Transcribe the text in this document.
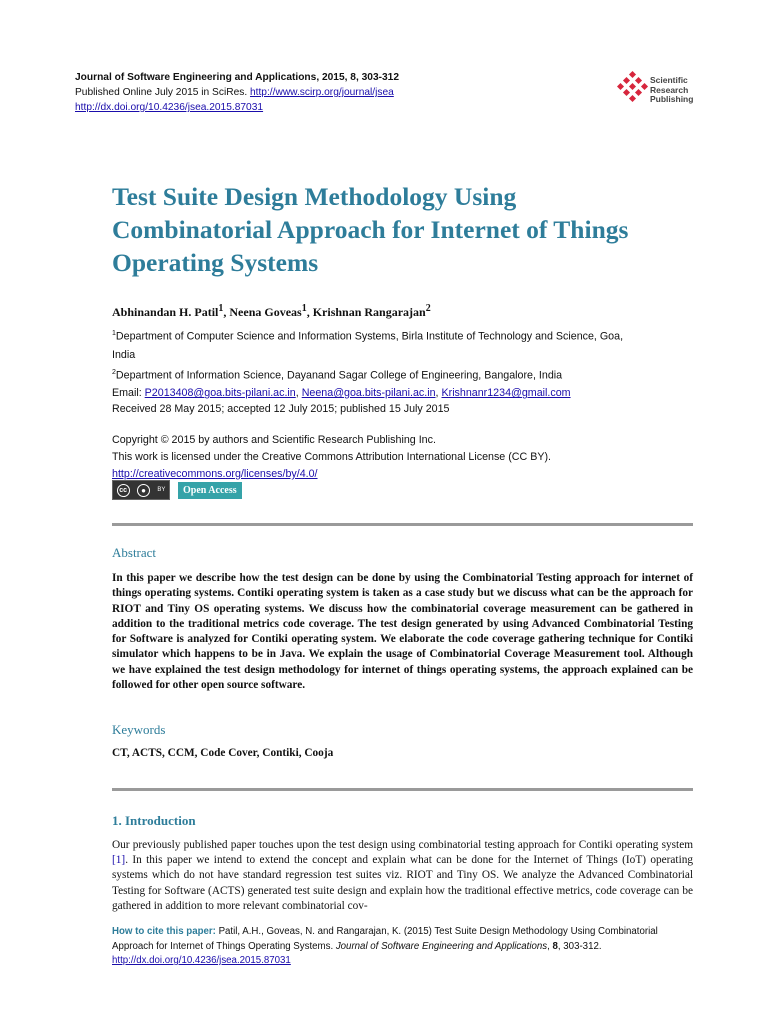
Journal of Software Engineering and Applications, 2015, 8, 303-312
Published Online July 2015 in SciRes. http://www.scirp.org/journal/jsea
http://dx.doi.org/10.4236/jsea.2015.87031
Scientific
Research
Publishing
Test Suite Design Methodology Using Combinatorial Approach for Internet of Things Operating Systems
Abhinandan H. Patil$^1$, Neena Goveas$^1$, Krishnan Rangarajan$^2$
$^1$Department of Computer Science and Information Systems, Birla Institute of Technology and Science, Goa, India
$^2$Department of Information Science, Dayanand Sagar College of Engineering, Bangalore, India
Email: P2013408@goa.bits-pilani.ac.in, Neena@goa.bits-pilani.ac.in, Krishnanr1234@gmail.com
Received 28 May 2015; accepted 12 July 2015; published 15 July 2015
Copyright © 2015 by authors and Scientific Research Publishing Inc.
This work is licensed under the Creative Commons Attribution International License (CC BY).
http://creativecommons.org/licenses/by/4.0/
cc	●	BY	Open Access
Abstract

In this paper we describe how the test design can be done by using the Combinatorial Testing approach for internet of things operating systems. Contiki operating system is taken as a case study but we discuss what can be the approach for RIOT and Tiny OS operating systems. We discuss how the combinatorial coverage measurement can be gathered in addition to the traditional metrics code coverage. The test design generated by using Advanced Combinatorial Testing for Software is analyzed for Contiki operating system. We elaborate the code coverage gathering technique for Contiki simulator which happens to be in Java. We explain the usage of Combinatorial Coverage Measurement tool. Although we have explained the test design methodology for internet of things operating systems, the approach explained can be followed for other open source software.

Keywords
CT, ACTS, CCM, Code Cover, Contiki, Cooja
1. Introduction

Our previously published paper touches upon the test design using combinatorial testing approach for Contiki operating system [1]. In this paper we intend to extend the concept and explain what can be done for the Internet of Things (IoT) operating systems which do not have standard regression test suites viz. RIOT and Tiny OS. We analyze the Advanced Combinatorial Testing for Software (ACTS) generated test suite design and explain how the traditional effective metrics, code coverage can be gathered in addition to more relevant combinatorial cov-

How to cite this paper: Patil, A.H., Goveas, N. and Rangarajan, K. (2015) Test Suite Design Methodology Using Combinatorial Approach for Internet of Things Operating Systems. Journal of Software Engineering and Applications, 8, 303-312.
http://dx.doi.org/10.4236/jsea.2015.87031
